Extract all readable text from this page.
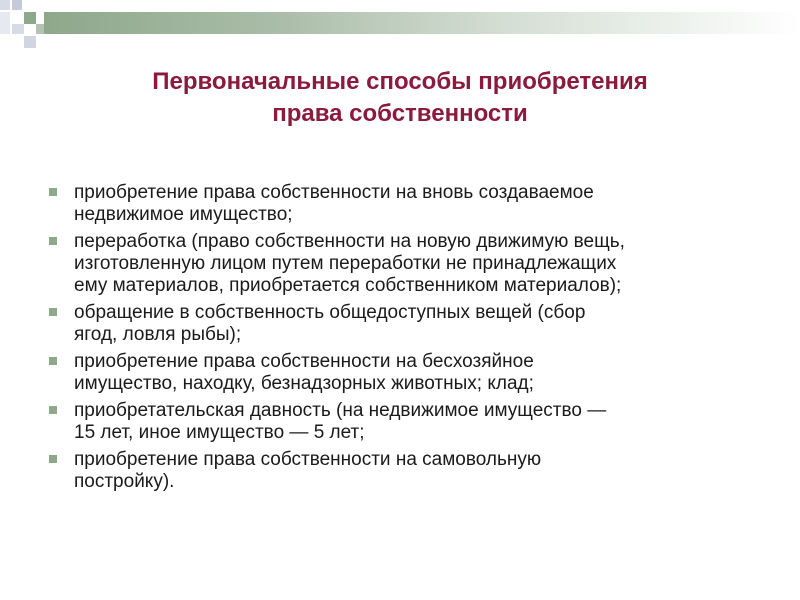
Первоначальные способы приобретения
права собственности
приобретение права собственности на вновь создаваемое
недвижимое имущество;
переработка (право собственности на новую движимую вещь,
изготовленную лицом путем переработки не принадлежащих
ему материалов, приобретается собственником материалов);
обращение в собственность общедоступных вещей (сбор
ягод, ловля рыбы);
приобретение права собственности на бесхозяйное
имущество, находку, безнадзорных животных; клад;
приобретательская давность (на недвижимое имущество —
15 лет, иное имущество — 5 лет;
приобретение права собственности на самовольную
постройку).
